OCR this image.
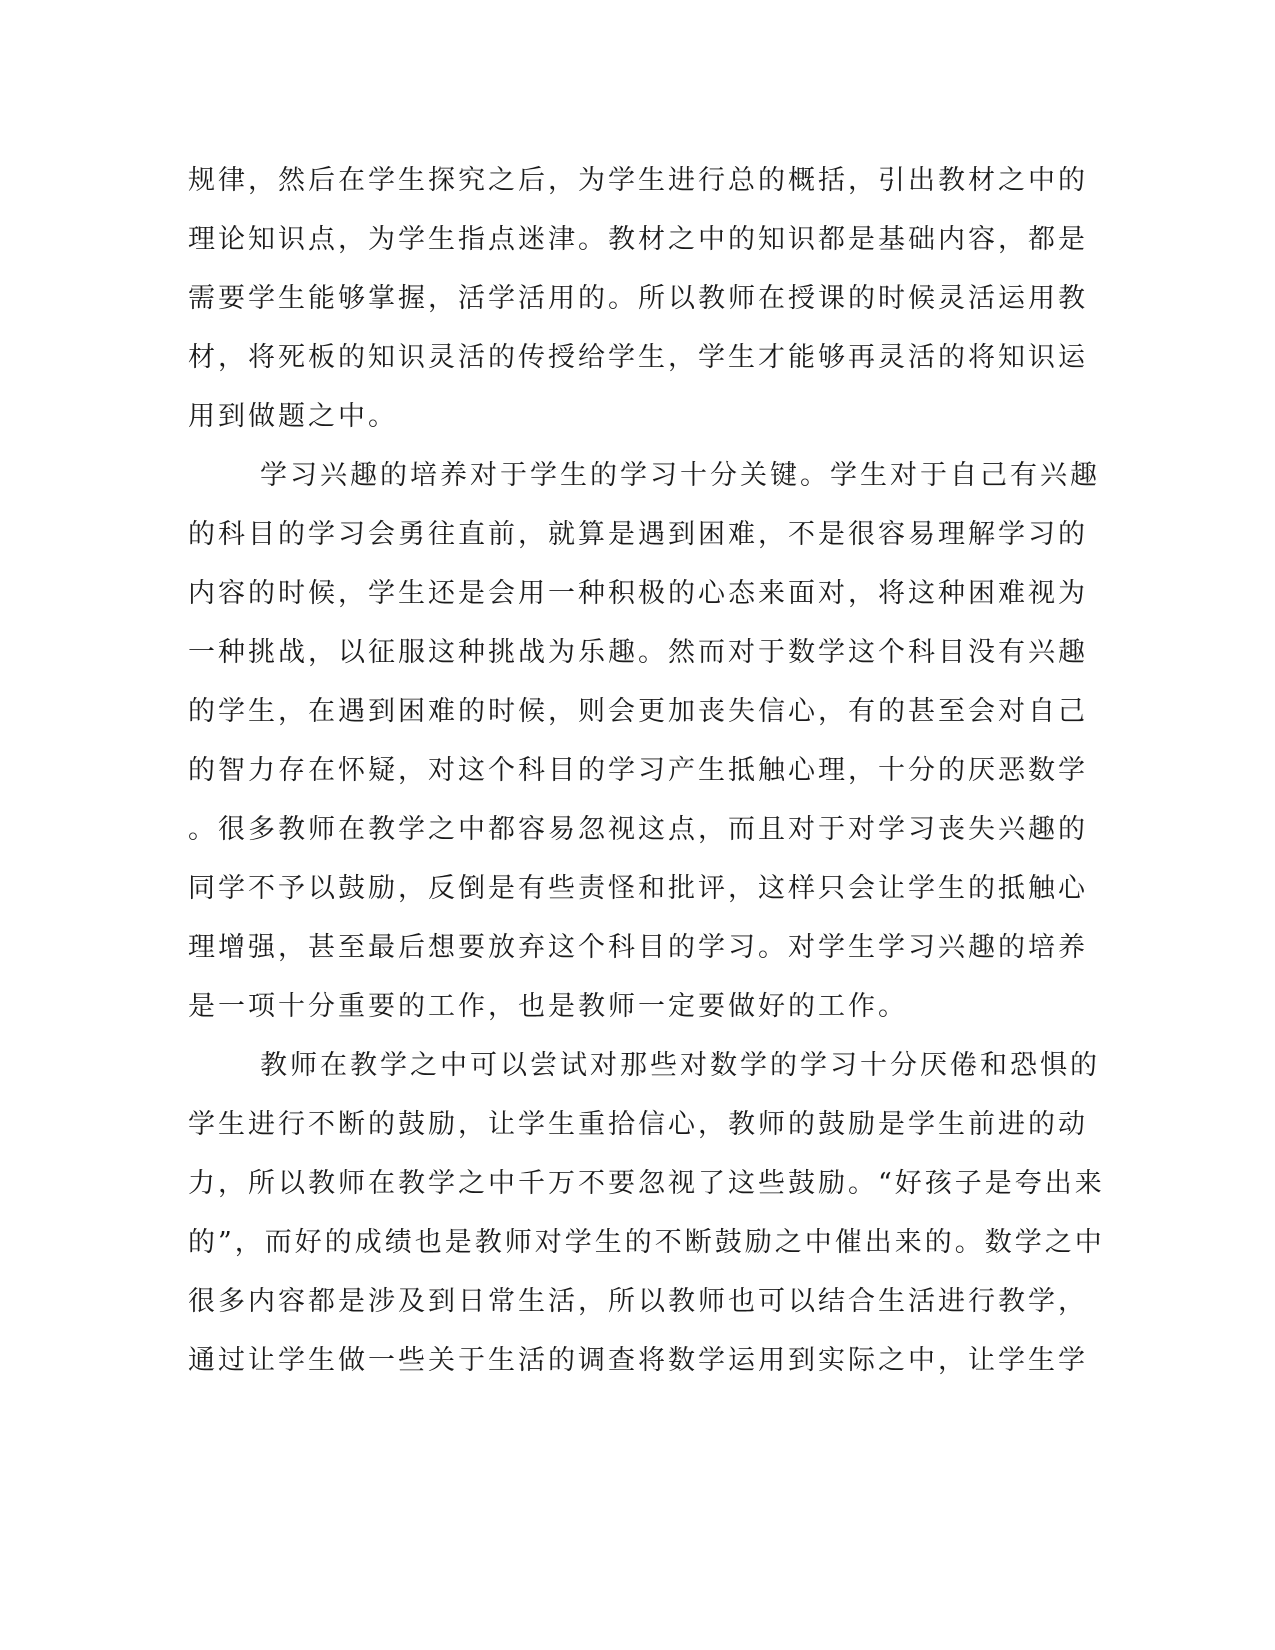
规律，然后在学生探究之后，为学生进行总的概括，引出教材之中的

理论知识点，为学生指点迷津。教材之中的知识都是基础内容，都是

需要学生能够掌握，活学活用的。所以教师在授课的时候灵活运用教

材，将死板的知识灵活的传授给学生，学生才能够再灵活的将知识运

用到做题之中。

学习兴趣的培养对于学生的学习十分关键。学生对于自己有兴趣

的科目的学习会勇往直前，就算是遇到困难，不是很容易理解学习的

内容的时候，学生还是会用一种积极的心态来面对，将这种困难视为

一种挑战，以征服这种挑战为乐趣。然而对于数学这个科目没有兴趣

的学生，在遇到困难的时候，则会更加丧失信心，有的甚至会对自己

的智力存在怀疑，对这个科目的学习产生抵触心理，十分的厌恶数学

。很多教师在教学之中都容易忽视这点，而且对于对学习丧失兴趣的

同学不予以鼓励，反倒是有些责怪和批评，这样只会让学生的抵触心

理增强，甚至最后想要放弃这个科目的学习。对学生学习兴趣的培养

是一项十分重要的工作，也是教师一定要做好的工作。

教师在教学之中可以尝试对那些对数学的学习十分厌倦和恐惧的

学生进行不断的鼓励，让学生重拾信心，教师的鼓励是学生前进的动

力，所以教师在教学之中千万不要忽视了这些鼓励。“好孩子是夸出来

的”，而好的成绩也是教师对学生的不断鼓励之中催出来的。数学之中

很多内容都是涉及到日常生活，所以教师也可以结合生活进行教学，

通过让学生做一些关于生活的调查将数学运用到实际之中，让学生学
